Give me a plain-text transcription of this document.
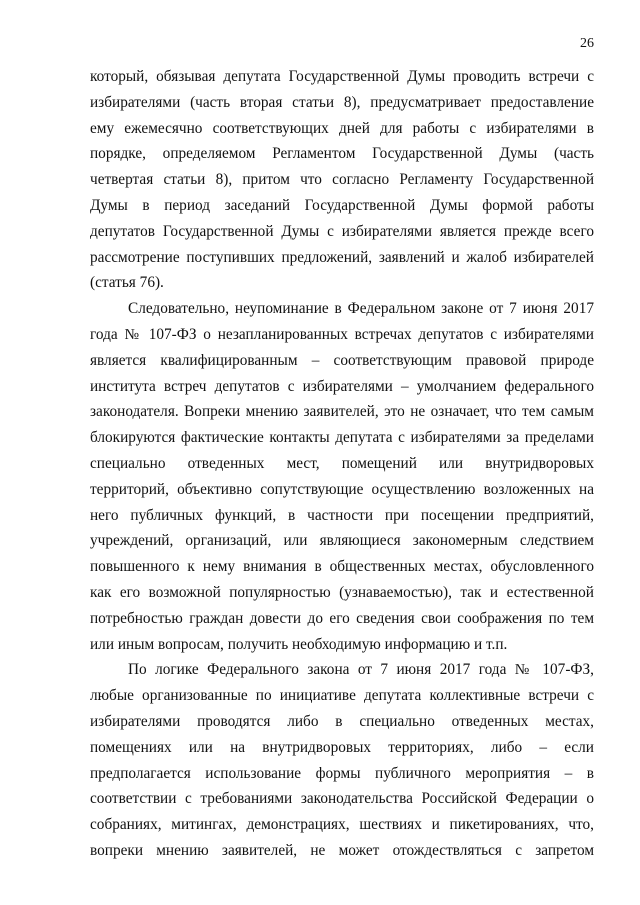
26
который, обязывая депутата Государственной Думы проводить встречи с
избирателями (часть вторая статьи 8), предусматривает предоставление
ему ежемесячно соответствующих дней для работы с избирателями в
порядке, определяемом Регламентом Государственной Думы (часть
четвертая статьи 8), притом что согласно Регламенту Государственной
Думы в период заседаний Государственной Думы формой работы
депутатов Государственной Думы с избирателями является прежде всего
рассмотрение поступивших предложений, заявлений и жалоб избирателей
(статья 76).
Следовательно, неупоминание в Федеральном законе от 7 июня 2017
года № 107-ФЗ о незапланированных встречах депутатов с избирателями
является квалифицированным – соответствующим правовой природе
института встреч депутатов с избирателями – умолчанием федерального
законодателя. Вопреки мнению заявителей, это не означает, что тем самым
блокируются фактические контакты депутата с избирателями за пределами
специально отведенных мест, помещений или внутридворовых
территорий, объективно сопутствующие осуществлению возложенных на
него публичных функций, в частности при посещении предприятий,
учреждений, организаций, или являющиеся закономерным следствием
повышенного к нему внимания в общественных местах, обусловленного
как его возможной популярностью (узнаваемостью), так и естественной
потребностью граждан довести до его сведения свои соображения по тем
или иным вопросам, получить необходимую информацию и т.п.
По логике Федерального закона от 7 июня 2017 года № 107-ФЗ,
любые организованные по инициативе депутата коллективные встречи с
избирателями проводятся либо в специально отведенных местах,
помещениях или на внутридворовых территориях, либо – если
предполагается использование формы публичного мероприятия – в
соответствии с требованиями законодательства Российской Федерации о
собраниях, митингах, демонстрациях, шествиях и пикетированиях, что,
вопреки мнению заявителей, не может отождествляться с запретом
